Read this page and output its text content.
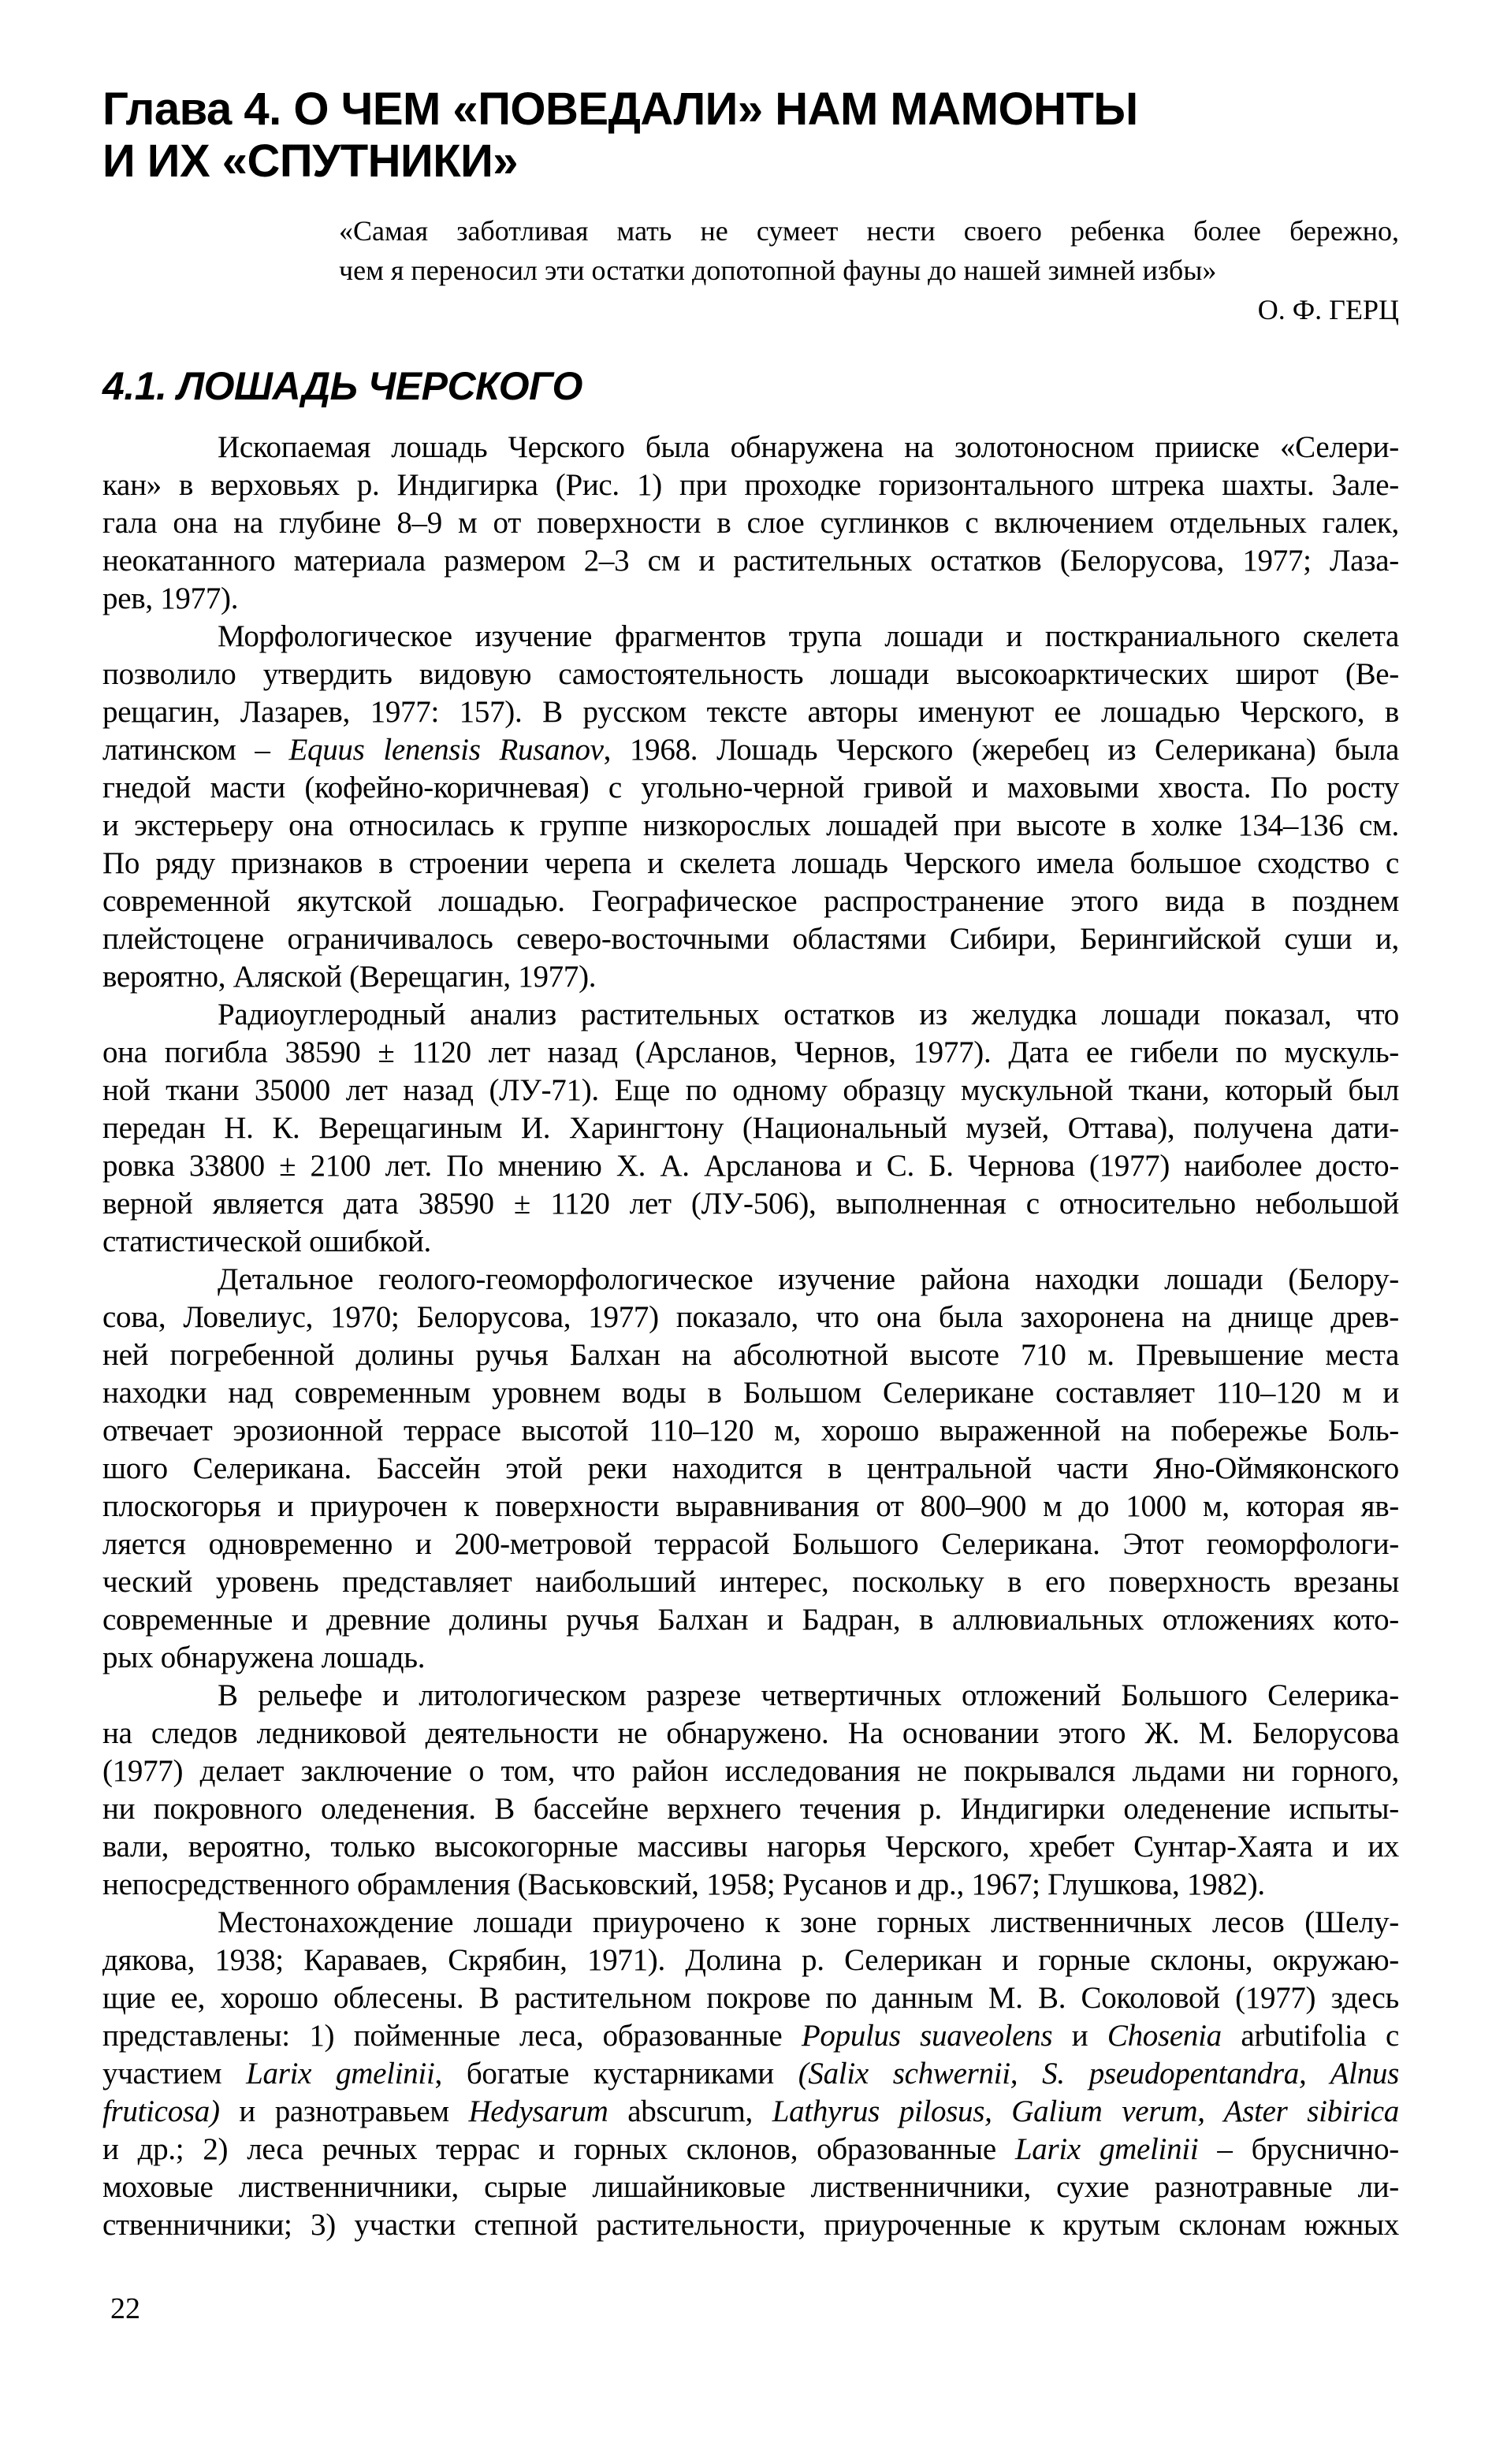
Глава 4. О ЧЕМ «ПОВЕДАЛИ» НАМ МАМОНТЫ
И ИХ «СПУТНИКИ»
«Самая заботливая мать не сумеет нести своего ребенка более бережно,
чем я переносил эти остатки допотопной фауны до нашей зимней избы»
О. Ф. ГЕРЦ
4.1. ЛОШАДЬ ЧЕРСКОГО
Ископаемая лошадь Черского была обнаружена на золотоносном прииске «Селери-
кан» в верховьях р. Индигирка (Рис. 1) при проходке горизонтального штрека шахты. Зале-
гала она на глубине 8–9 м от поверхности в слое суглинков с включением отдельных галек,
неокатанного материала размером 2–3 см и растительных остатков (Белорусова, 1977; Лаза-
рев, 1977).
Морфологическое изучение фрагментов трупа лошади и посткраниального скелета
позволило утвердить видовую самостоятельность лошади высокоарктических широт (Ве-
рещагин, Лазарев, 1977: 157). В русском тексте авторы именуют ее лошадью Черского, в
латинском – Equus lenensis Rusanov, 1968. Лошадь Черского (жеребец из Селерикана) была
гнедой масти (кофейно-коричневая) с угольно-черной гривой и маховыми хвоста. По росту
и экстерьеру она относилась к группе низкорослых лошадей при высоте в холке 134–136 см.
По ряду признаков в строении черепа и скелета лошадь Черского имела большое сходство с
современной якутской лошадью. Географическое распространение этого вида в позднем
плейстоцене ограничивалось северо-восточными областями Сибири, Берингийской суши и,
вероятно, Аляской (Верещагин, 1977).
Радиоуглеродный анализ растительных остатков из желудка лошади показал, что
она погибла 38590 ± 1120 лет назад (Арсланов, Чернов, 1977). Дата ее гибели по мускуль-
ной ткани 35000 лет назад (ЛУ-71). Еще по одному образцу мускульной ткани, который был
передан Н. К. Верещагиным И. Харингтону (Национальный музей, Оттава), получена дати-
ровка 33800 ± 2100 лет. По мнению Х. А. Арсланова и С. Б. Чернова (1977) наиболее досто-
верной является дата 38590 ± 1120 лет (ЛУ-506), выполненная с относительно небольшой
статистической ошибкой.
Детальное геолого-геоморфологическое изучение района находки лошади (Белору-
сова, Ловелиус, 1970; Белорусова, 1977) показало, что она была захоронена на днище древ-
ней погребенной долины ручья Балхан на абсолютной высоте 710 м. Превышение места
находки над современным уровнем воды в Большом Селерикане составляет 110–120 м и
отвечает эрозионной террасе высотой 110–120 м, хорошо выраженной на побережье Боль-
шого Селерикана. Бассейн этой реки находится в центральной части Яно-Оймяконского
плоскогорья и приурочен к поверхности выравнивания от 800–900 м до 1000 м, которая яв-
ляется одновременно и 200-метровой террасой Большого Селерикана. Этот геоморфологи-
ческий уровень представляет наибольший интерес, поскольку в его поверхность врезаны
современные и древние долины ручья Балхан и Бадран, в аллювиальных отложениях кото-
рых обнаружена лошадь.
В рельефе и литологическом разрезе четвертичных отложений Большого Селерика-
на следов ледниковой деятельности не обнаружено. На основании этого Ж. М. Белорусова
(1977) делает заключение о том, что район исследования не покрывался льдами ни горного,
ни покровного оледенения. В бассейне верхнего течения р. Индигирки оледенение испыты-
вали, вероятно, только высокогорные массивы нагорья Черского, хребет Сунтар-Хаята и их
непосредственного обрамления (Васьковский, 1958; Русанов и др., 1967; Глушкова, 1982).
Местонахождение лошади приурочено к зоне горных лиственничных лесов (Шелу-
дякова, 1938; Караваев, Скрябин, 1971). Долина р. Селерикан и горные склоны, окружаю-
щие ее, хорошо облесены. В растительном покрове по данным М. В. Соколовой (1977) здесь
представлены: 1) пойменные леса, образованные Populus suaveolens и Chosenia arbutifolia с
участием Larix gmelinii, богатые кустарниками (Salix schwernii, S. pseudopentandra, Alnus
fruticosa) и разнотравьем Hedysarum abscurum, Lathyrus pilosus, Galium verum, Aster sibirica
и др.; 2) леса речных террас и горных склонов, образованные Larix gmelinii – бруснично-
моховые лиственничники, сырые лишайниковые лиственничники, сухие разнотравные ли-
ственничники; 3) участки степной растительности, приуроченные к крутым склонам южных
22
